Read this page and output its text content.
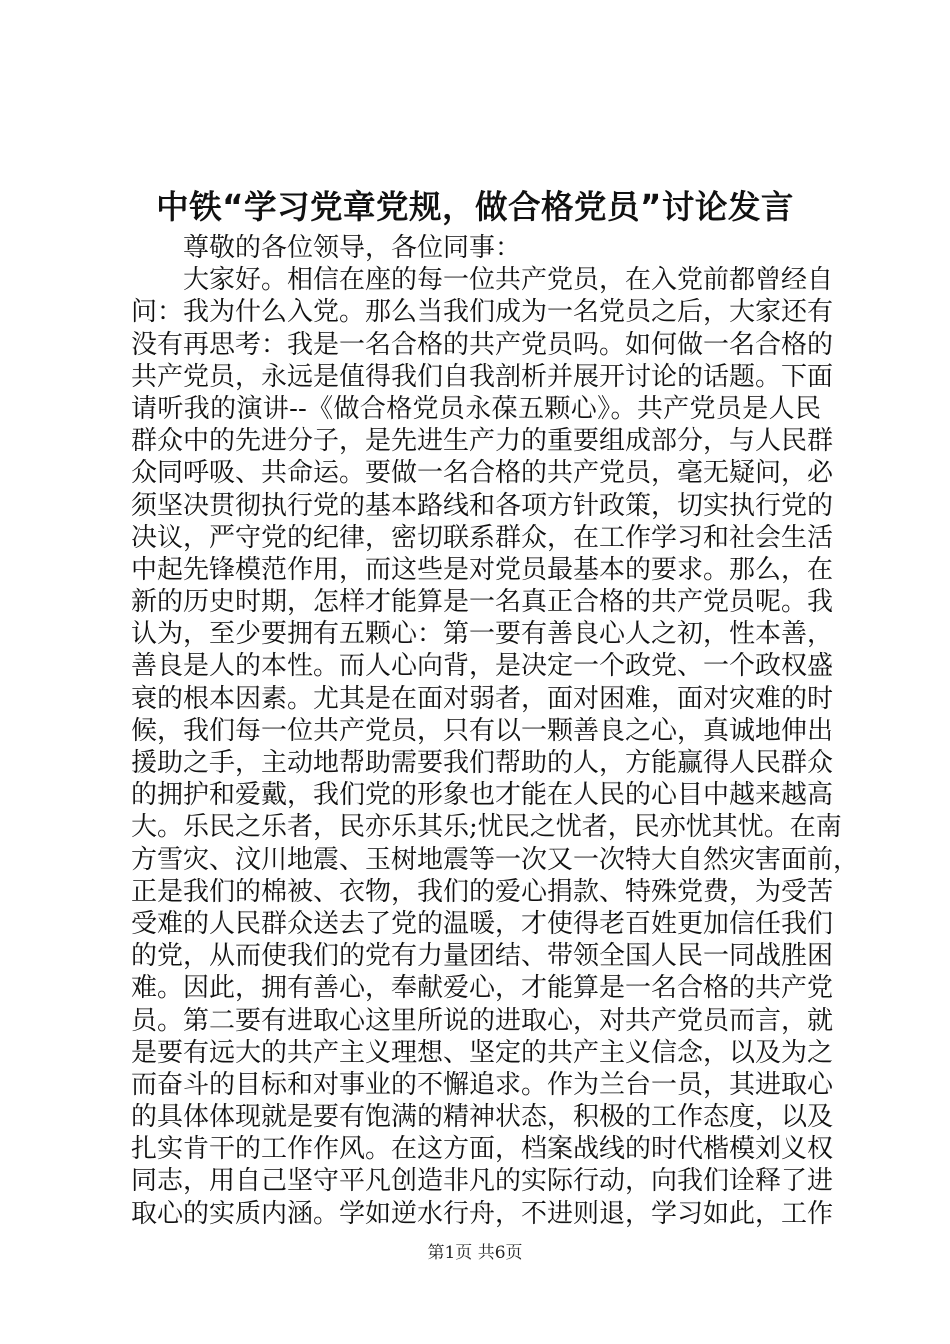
中铁“学习党章党规，做合格党员”讨论发言
尊敬的各位领导，各位同事：
大家好。相信在座的每一位共产党员，在入党前都曾经自
问：我为什么入党。那么当我们成为一名党员之后，大家还有
没有再思考：我是一名合格的共产党员吗。如何做一名合格的
共产党员，永远是值得我们自我剖析并展开讨论的话题。下面
请听我的演讲--《做合格党员永葆五颗心》。共产党员是人民
群众中的先进分子，是先进生产力的重要组成部分，与人民群
众同呼吸、共命运。要做一名合格的共产党员，毫无疑问，必
须坚决贯彻执行党的基本路线和各项方针政策，切实执行党的
决议，严守党的纪律，密切联系群众，在工作学习和社会生活
中起先锋模范作用，而这些是对党员最基本的要求。那么，在
新的历史时期，怎样才能算是一名真正合格的共产党员呢。我
认为，至少要拥有五颗心：第一要有善良心人之初，性本善，
善良是人的本性。而人心向背，是决定一个政党、一个政权盛
衰的根本因素。尤其是在面对弱者，面对困难，面对灾难的时
候，我们每一位共产党员，只有以一颗善良之心，真诚地伸出
援助之手，主动地帮助需要我们帮助的人，方能赢得人民群众
的拥护和爱戴，我们党的形象也才能在人民的心目中越来越高
大。乐民之乐者，民亦乐其乐;忧民之忧者，民亦忧其忧。在南
方雪灾、汶川地震、玉树地震等一次又一次特大自然灾害面前，
正是我们的棉被、衣物，我们的爱心捐款、特殊党费，为受苦
受难的人民群众送去了党的温暖，才使得老百姓更加信任我们
的党，从而使我们的党有力量团结、带领全国人民一同战胜困
难。因此，拥有善心，奉献爱心，才能算是一名合格的共产党
员。第二要有进取心这里所说的进取心，对共产党员而言，就
是要有远大的共产主义理想、坚定的共产主义信念，以及为之
而奋斗的目标和对事业的不懈追求。作为兰台一员，其进取心
的具体体现就是要有饱满的精神状态，积极的工作态度，以及
扎实肯干的工作作风。在这方面，档案战线的时代楷模刘义权
同志，用自己坚守平凡创造非凡的实际行动，向我们诠释了进
取心的实质内涵。学如逆水行舟，不进则退，学习如此，工作
第1页 共6页
